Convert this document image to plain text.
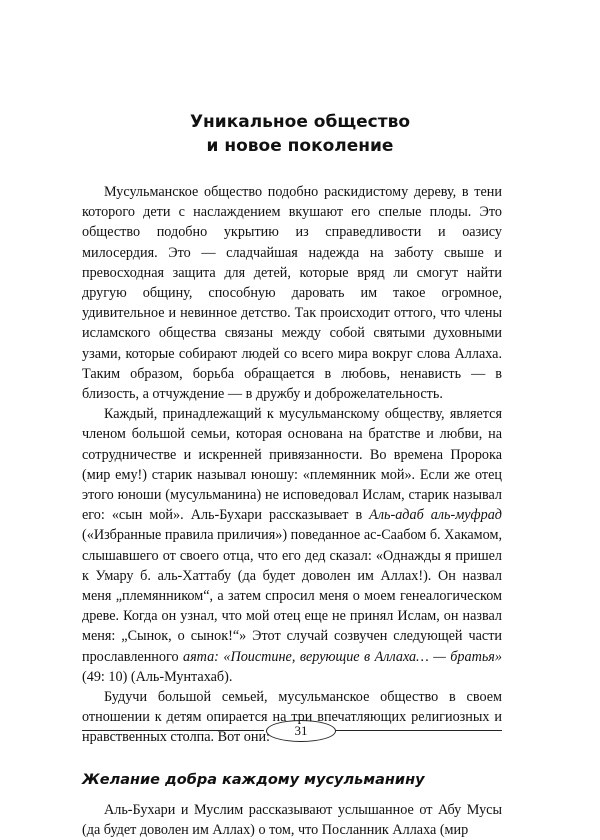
Уникальное общество
и новое поколение

Мусульманское общество подобно раскидистому дереву, в тени которого дети с наслаждением вкушают его спелые плоды. Это общество подобно укрытию из справедливости и оазису милосердия. Это — сладчайшая надежда на заботу свыше и превосходная защита для детей, которые вряд ли смогут найти другую общину, способную даровать им такое огромное, удивительное и невинное детство. Так происходит оттого, что члены исламского общества связаны между собой святыми духовными узами, которые собирают людей со всего мира вокруг слова Аллаха. Таким образом, борьба обращается в любовь, ненависть — в близость, а отчуждение — в дружбу и доброжелательность.

Каждый, принадлежащий к мусульманскому обществу, является членом большой семьи, которая основана на братстве и любви, на сотрудничестве и искренней привязанности. Во времена Пророка (мир ему!) старик называл юношу: «племянник мой». Если же отец этого юноши (мусульманина) не исповедовал Ислам, старик называл его: «сын мой». Аль-Бухари рассказывает в Аль-адаб аль-муфрад («Избранные правила приличия») поведанное ас-Саабом б. Хакамом, слышавшего от своего отца, что его дед сказал: «Однажды я пришел к Умару б. аль-Хаттабу (да будет доволен им Аллах!). Он назвал меня „племянником“, а затем спросил меня о моем генеалогическом древе. Когда он узнал, что мой отец еще не принял Ислам, он назвал меня: „Сынок, о сынок!“» Этот случай созвучен следующей части прославленного аята: «Поистине, верующие в Аллаха… — братья» (49: 10) (Аль-Мунтахаб).

Будучи большой семьей, мусульманское общество в своем отношении к детям опирается на три впечатляющих религиозных и нравственных столпа. Вот они:

Желание добра каждому мусульманину

Аль-Бухари и Муслим рассказывают услышанное от Абу Мусы (да будет доволен им Аллах) о том, что Посланник Аллаха (мир

31
